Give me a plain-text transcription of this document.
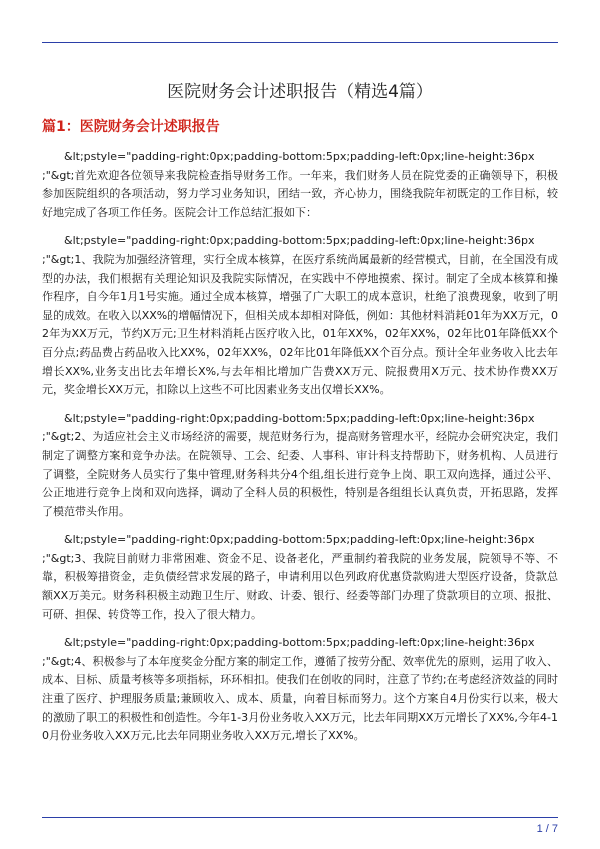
医院财务会计述职报告（精选4篇）
篇1：医院财务会计述职报告

&lt;pstyle="padding-right:0px;padding-bottom:5px;padding-left:0px;line-height:36px
;"&gt;首先欢迎各位领导来我院检查指导财务工作。一年来，我们财务人员在院党委的正确领导下，积极参加医院组织的各项活动，努力学习业务知识，团结一致，齐心协力，围绕我院年初既定的工作目标，较好地完成了各项工作任务。医院会计工作总结汇报如下：

&lt;pstyle="padding-right:0px;padding-bottom:5px;padding-left:0px;line-height:36px
;"&gt;1、我院为加强经济管理，实行全成本核算，在医疗系统尚属最新的经营模式，目前，在全国没有成型的办法，我们根据有关理论知识及我院实际情况，在实践中不停地摸索、探讨。制定了全成本核算和操作程序，自今年1月1号实施。通过全成本核算，增强了广大职工的成本意识，杜绝了浪费现象，收到了明显的成效。在收入以XX%的增幅情况下，但相关成本却相对降低，例如：其他材料消耗01年为XX万元，02年为XX万元，节约X万元;卫生材料消耗占医疗收入比，01年XX%，02年XX%，02年比01年降低XX个百分点;药品费占药品收入比XX%，02年XX%，02年比01年降低XX个百分点。预计全年业务收入比去年增长XX%,业务支出比去年增长X%,与去年相比增加广告费XX万元、院报费用X万元、技术协作费XX万元，奖金增长XX万元，扣除以上这些不可比因素业务支出仅增长XX%。

&lt;pstyle="padding-right:0px;padding-bottom:5px;padding-left:0px;line-height:36px
;"&gt;2、为适应社会主义市场经济的需要，规范财务行为，提高财务管理水平，经院办会研究决定，我们制定了调整方案和竞争办法。在院领导、工会、纪委、人事科、审计科支持帮助下，财务机构、人员进行了调整，全院财务人员实行了集中管理,财务科共分4个组,组长进行竞争上岗、职工双向选择，通过公平、公正地进行竞争上岗和双向选择，调动了全科人员的积极性，特别是各组组长认真负责，开拓思路，发挥了模范带头作用。

&lt;pstyle="padding-right:0px;padding-bottom:5px;padding-left:0px;line-height:36px
;"&gt;3、我院目前财力非常困难、资金不足、设备老化，严重制约着我院的业务发展，院领导不等、不靠，积极筹措资金，走负债经营求发展的路子，申请利用以色列政府优惠贷款购进大型医疗设备，贷款总额XX万美元。财务科积极主动跑卫生厅、财政、计委、银行、经委等部门办理了贷款项目的立项、报批、可研、担保、转贷等工作，投入了很大精力。

&lt;pstyle="padding-right:0px;padding-bottom:5px;padding-left:0px;line-height:36px
;"&gt;4、积极参与了本年度奖金分配方案的制定工作，遵循了按劳分配、效率优先的原则，运用了收入、成本、目标、质量考核等多项指标，环环相扣。使我们在创收的同时，注意了节约;在考虑经济效益的同时注重了医疗、护理服务质量;兼顾收入、成本、质量，向着目标而努力。这个方案自4月份实行以来，极大的激励了职工的积极性和创造性。今年1-3月份业务收入XX万元，比去年同期XX万元增长了XX%,今年4-10月份业务收入XX万元,比去年同期业务收入XX万元,增长了XX%。

1 / 7
